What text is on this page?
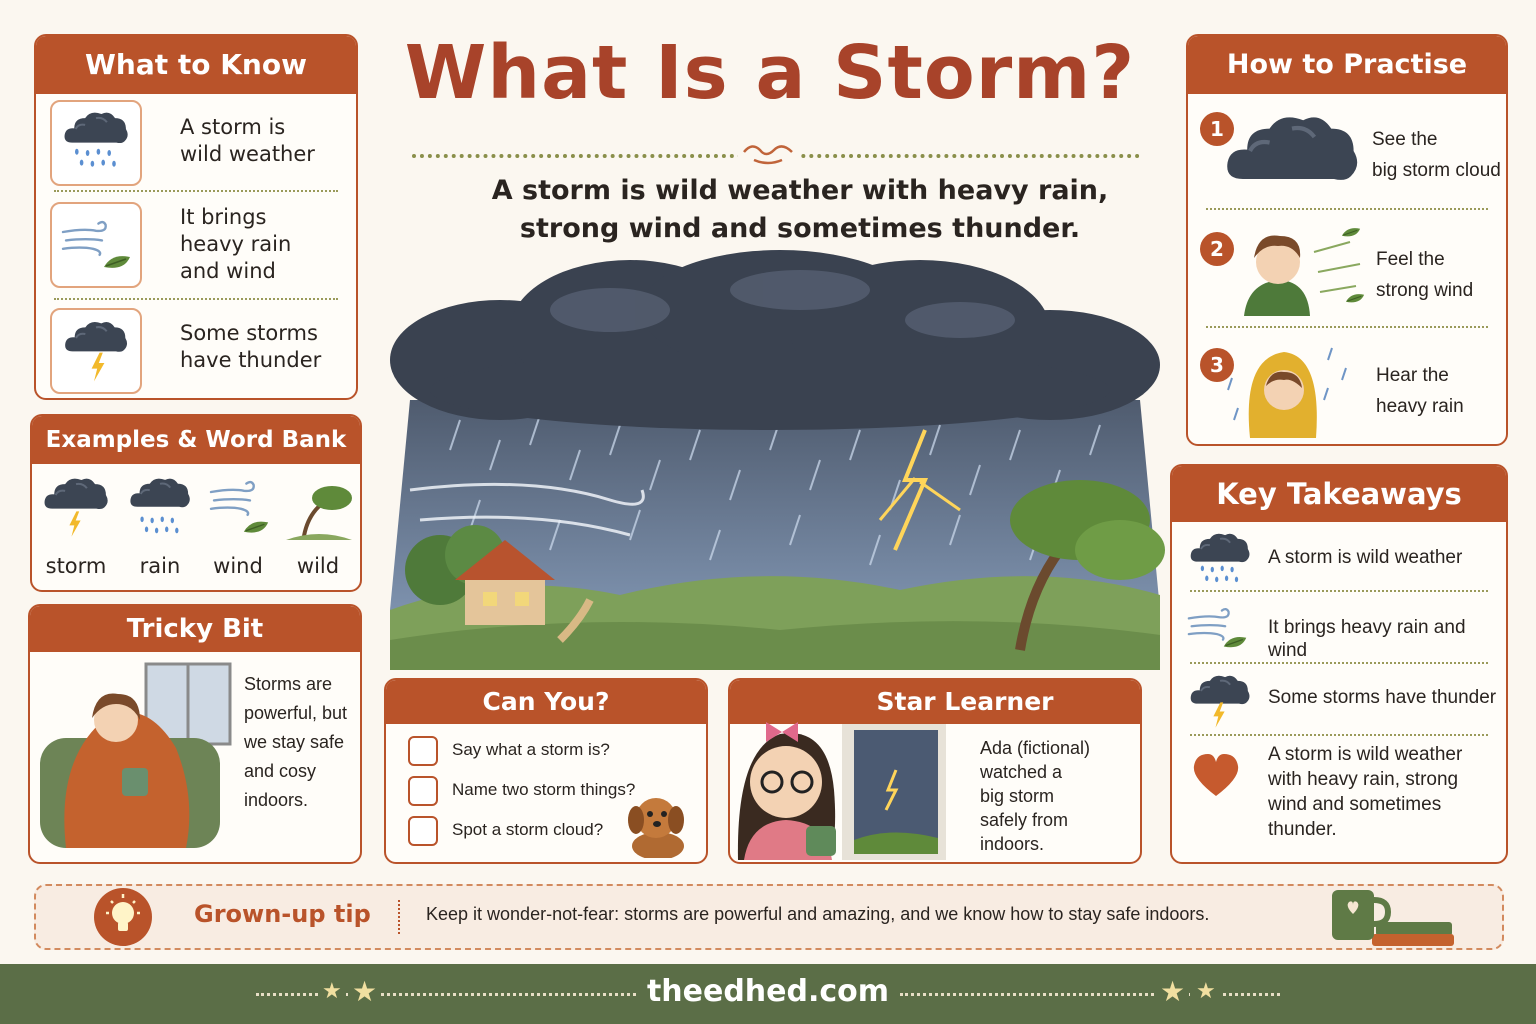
What Is a Storm?
A storm is wild weather with heavy rain,
strong wind and sometimes thunder.
What to Know
A storm is
wild weather
It brings
heavy rain
and wind
Some storms
have thunder
Examples & Word Bank
storm	rain	wind	wild
Tricky Bit
Storms are
powerful, but
we stay safe
and cosy
indoors.
Can You?
Say what a storm is?
Name two storm things?
Spot a storm cloud?
Star Learner
Ada (fictional)
watched a
big storm
safely from
indoors.
How to Practise
1	See the
big storm cloud
2	Feel the
strong wind
3	Hear the
heavy rain
Key Takeaways
A storm is wild weather
It brings heavy rain and wind
Some storms have thunder
A storm is wild weather
with heavy rain, strong
wind and sometimes
thunder.
Grown-up tip	Keep it wonder-not-fear: storms are powerful and amazing, and we know how to stay safe indoors.
★ ★	theedhed.com	★ ★
